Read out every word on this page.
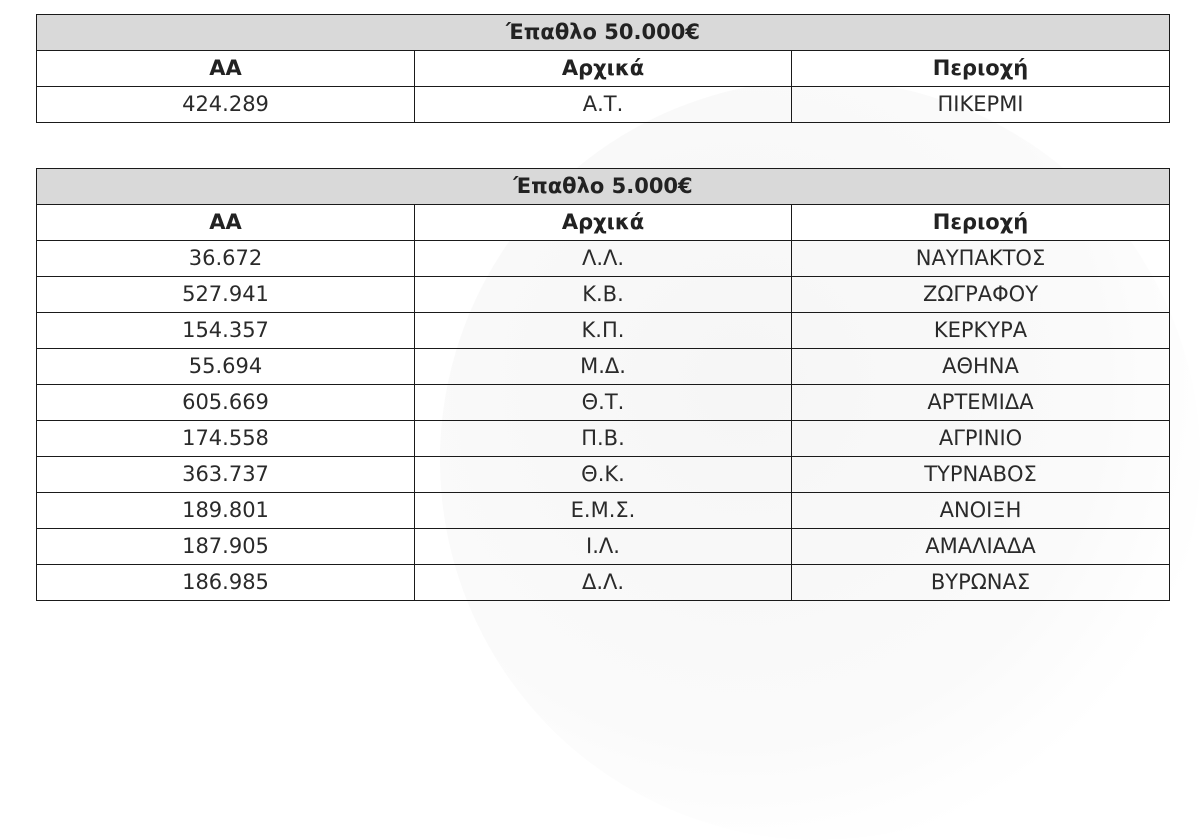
Έπαθλο 50.000€		
ΑΑ	Αρχικά	Περιοχή
424.289	Α.Τ.	ΠΙΚΕΡΜΙ
Έπαθλο 5.000€		
ΑΑ	Αρχικά	Περιοχή
36.672	Λ.Λ.	ΝΑΥΠΑΚΤΟΣ
527.941	Κ.Β.	ΖΩΓΡΑΦΟΥ
154.357	Κ.Π.	ΚΕΡΚΥΡΑ
55.694	Μ.Δ.	ΑΘΗΝΑ
605.669	Θ.Τ.	ΑΡΤΕΜΙΔΑ
174.558	Π.Β.	ΑΓΡΙΝΙΟ
363.737	Θ.Κ.	ΤΥΡΝΑΒΟΣ
189.801	Ε.Μ.Σ.	ΑΝΟΙΞΗ
187.905	Ι.Λ.	ΑΜΑΛΙΑΔΑ
186.985	Δ.Λ.	ΒΥΡΩΝΑΣ
